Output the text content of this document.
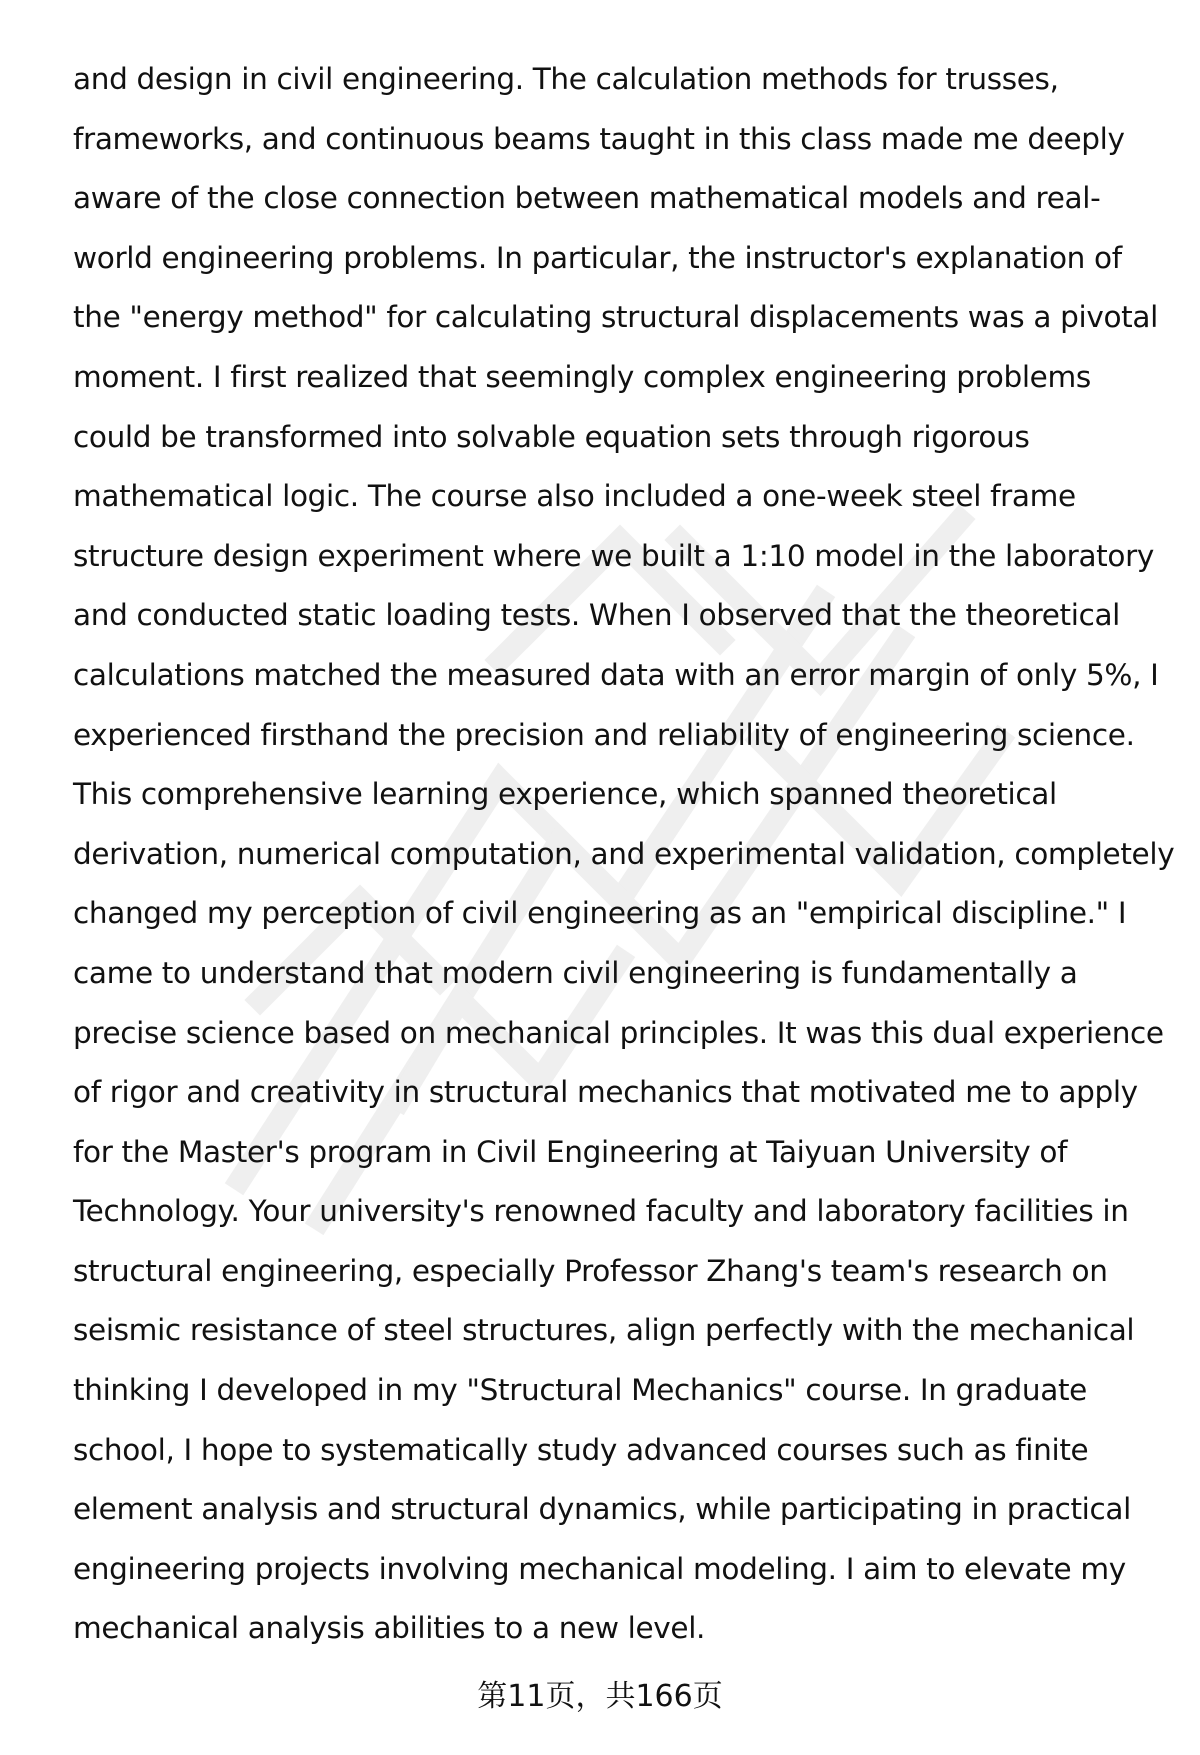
and design in civil engineering. The calculation methods for trusses,
frameworks, and continuous beams taught in this class made me deeply
aware of the close connection between mathematical models and real-
world engineering problems. In particular, the instructor's explanation of
the "energy method" for calculating structural displacements was a pivotal
moment. I first realized that seemingly complex engineering problems
could be transformed into solvable equation sets through rigorous
mathematical logic. The course also included a one-week steel frame
structure design experiment where we built a 1:10 model in the laboratory
and conducted static loading tests. When I observed that the theoretical
calculations matched the measured data with an error margin of only 5%, I
experienced firsthand the precision and reliability of engineering science.
This comprehensive learning experience, which spanned theoretical
derivation, numerical computation, and experimental validation, completely
changed my perception of civil engineering as an "empirical discipline." I
came to understand that modern civil engineering is fundamentally a
precise science based on mechanical principles. It was this dual experience
of rigor and creativity in structural mechanics that motivated me to apply
for the Master's program in Civil Engineering at Taiyuan University of
Technology. Your university's renowned faculty and laboratory facilities in
structural engineering, especially Professor Zhang's team's research on
seismic resistance of steel structures, align perfectly with the mechanical
thinking I developed in my "Structural Mechanics" course. In graduate
school, I hope to systematically study advanced courses such as finite
element analysis and structural dynamics, while participating in practical
engineering projects involving mechanical modeling. I aim to elevate my
mechanical analysis abilities to a new level.
第11页，共166页
